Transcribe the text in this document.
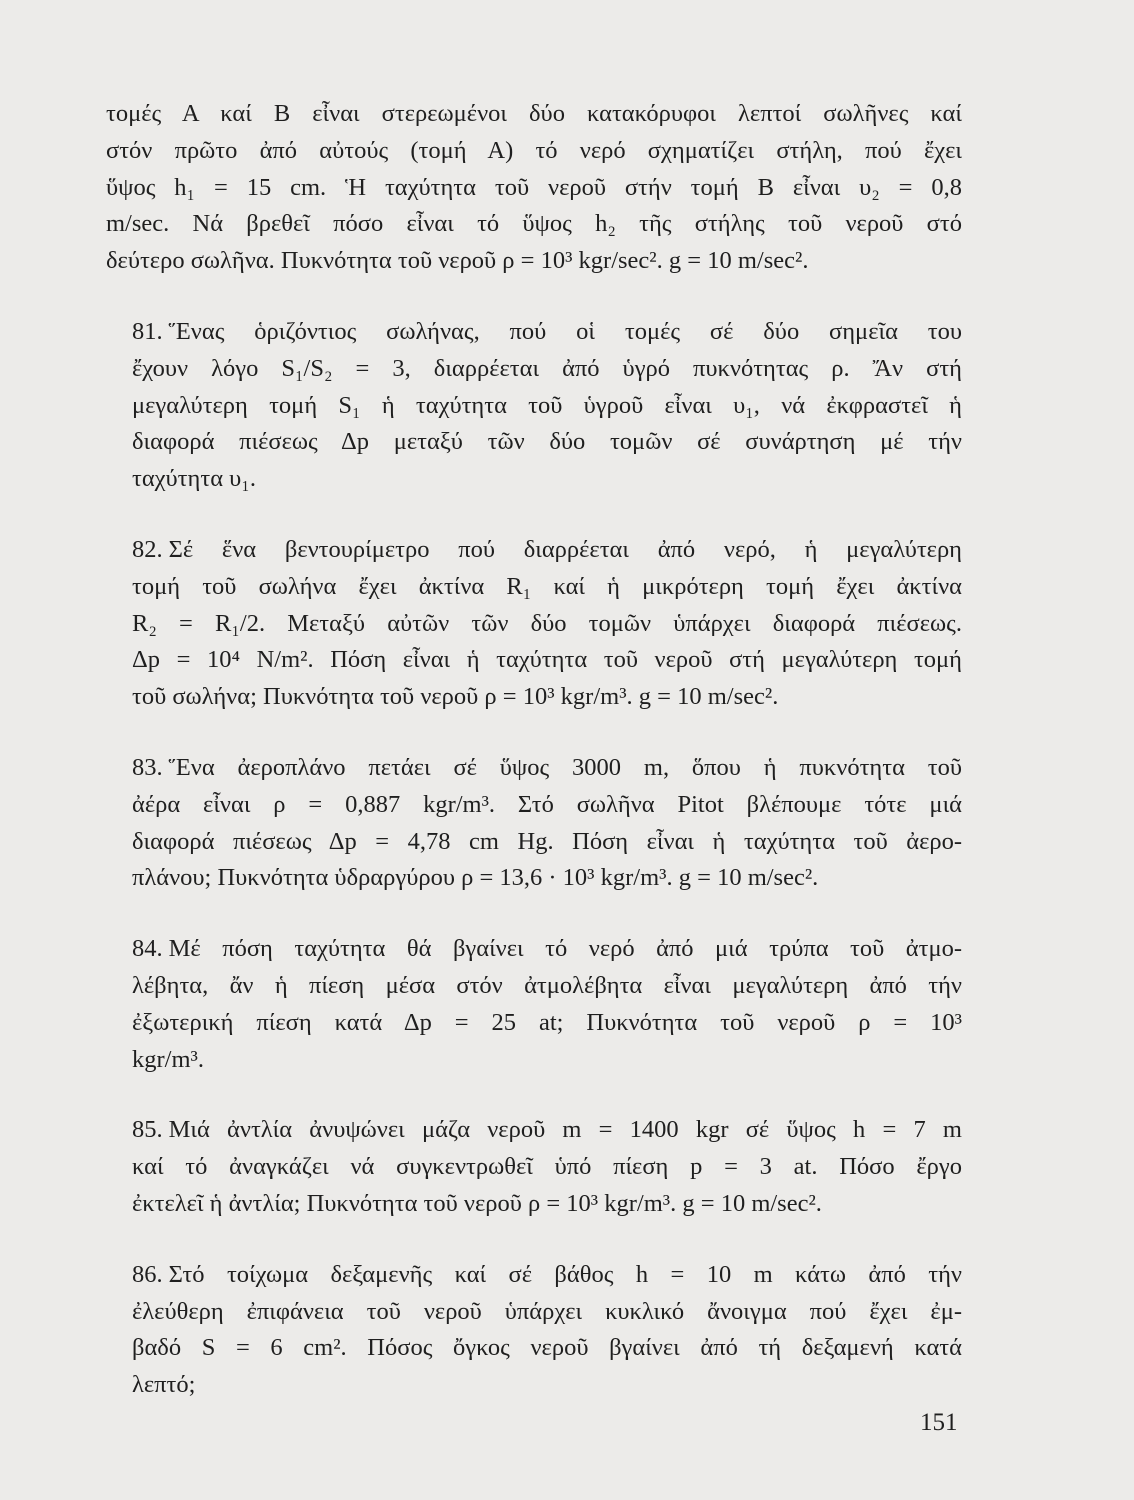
τομές Α καί Β εἶναι στερεωμένοι δύο κατακόρυφοι λεπτοί σωλῆνες καί
στόν πρῶτο ἀπό αὐτούς (τομή Α) τό νερό σχηματίζει στήλη, πού ἔχει
ὕψος h₁ = 15 cm. Ἡ ταχύτητα τοῦ νεροῦ στήν τομή Β εἶναι υ₂ = 0,8
m/sec. Νά βρεθεῖ πόσο εἶναι τό ὕψος h₂ τῆς στήλης τοῦ νεροῦ στό
δεύτερο σωλῆνα. Πυκνότητα τοῦ νεροῦ ρ = 10³ kgr/sec². g = 10 m/sec².

81. Ἕνας ὁριζόντιος σωλήνας, πού οἱ τομές σέ δύο σημεῖα του
ἔχουν λόγο S₁/S₂ = 3, διαρρέεται ἀπό ὑγρό πυκνότητας ρ. Ἄν στή
μεγαλύτερη τομή S₁ ἡ ταχύτητα τοῦ ὑγροῦ εἶναι υ₁, νά ἐκφραστεῖ ἡ
διαφορά πιέσεως Δp μεταξύ τῶν δύο τομῶν σέ συνάρτηση μέ τήν
ταχύτητα υ₁.

82. Σέ ἕνα βεντουρίμετρο πού διαρρέεται ἀπό νερό, ἡ μεγαλύτερη
τομή τοῦ σωλήνα ἔχει ἀκτίνα R₁ καί ἡ μικρότερη τομή ἔχει ἀκτίνα
R₂ = R₁/2. Μεταξύ αὐτῶν τῶν δύο τομῶν ὑπάρχει διαφορά πιέσεως.
Δp = 10⁴ N/m². Πόση εἶναι ἡ ταχύτητα τοῦ νεροῦ στή μεγαλύτερη τομή
τοῦ σωλήνα; Πυκνότητα τοῦ νεροῦ ρ = 10³ kgr/m³. g = 10 m/sec².

83. Ἕνα ἀεροπλάνο πετάει σέ ὕψος 3000 m, ὅπου ἡ πυκνότητα τοῦ
ἀέρα εἶναι ρ = 0,887 kgr/m³. Στό σωλῆνα Pitot βλέπουμε τότε μιά
διαφορά πιέσεως Δp = 4,78 cm Hg. Πόση εἶναι ἡ ταχύτητα τοῦ ἀερο-
πλάνου; Πυκνότητα ὑδραργύρου ρ = 13,6 · 10³ kgr/m³. g = 10 m/sec².

84. Μέ πόση ταχύτητα θά βγαίνει τό νερό ἀπό μιά τρύπα τοῦ ἀτμο-
λέβητα, ἄν ἡ πίεση μέσα στόν ἀτμολέβητα εἶναι μεγαλύτερη ἀπό τήν
ἐξωτερική πίεση κατά Δp = 25 at; Πυκνότητα τοῦ νεροῦ ρ = 10³
kgr/m³.

85. Μιά ἀντλία ἀνυψώνει μάζα νεροῦ m = 1400 kgr σέ ὕψος h = 7 m
καί τό ἀναγκάζει νά συγκεντρωθεῖ ὑπό πίεση p = 3 at. Πόσο ἔργο
ἐκτελεῖ ἡ ἀντλία; Πυκνότητα τοῦ νεροῦ ρ = 10³ kgr/m³. g = 10 m/sec².

86. Στό τοίχωμα δεξαμενῆς καί σέ βάθος h = 10 m κάτω ἀπό τήν
ἐλεύθερη ἐπιφάνεια τοῦ νεροῦ ὑπάρχει κυκλικό ἄνοιγμα πού ἔχει ἐμ-
βαδό S = 6 cm². Πόσος ὄγκος νεροῦ βγαίνει ἀπό τή δεξαμενή κατά
λεπτό;

151
